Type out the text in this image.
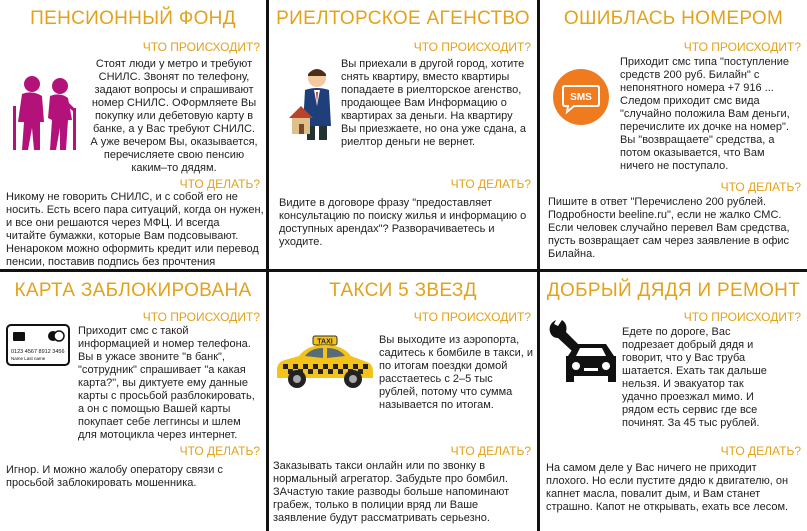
ПЕНСИОННЫЙ ФОНД
ЧТО ПРОИСХОДИТ?
Стоят люди у метро и требуют
СНИЛС. Звонят по телефону,
задают вопросы и спрашивают
номер СНИЛС. ОФормляете Вы
покупку или дебетовую карту в
банке, а у Вас требуют СНИЛС.
А уже вечером Вы, оказывается,
перечисляете свою пенсию
каким–то дядям.
ЧТО ДЕЛАТЬ?
Никому не говорить СНИЛС, и с собой его не
носить. Есть всего пара ситуаций, когда он нужен,
и все они решаются через МФЦ. И всегда
читайте бумажки, которые Вам подсовывают.
Ненароком можно оформить кредит или перевод
пенсии, поставив подпись без прочтения
РИЕЛТОРСКОЕ АГЕНСТВО
ЧТО ПРОИСХОДИТ?
Вы приехали в другой город, хотите
снять квартиру, вместо квартиры
попадаете в риелторское агенство,
продающее Вам Информацию о
квартирах за деньги. На квартиру
Вы приезжаете, но она уже сдана, а
риелтор деньги не вернет.
ЧТО ДЕЛАТЬ?
Видите в договоре фразу "предоставляет
консультацию по поиску жилья и информацию о
доступных арендах"? Разворачиваетесь и
уходите.
ОШИБЛАСЬ НОМЕРОМ
ЧТО ПРОИСХОДИТ?
SMS
Приходит смс типа "поступление
средств 200 руб. Билайн" с
непонятного номера +7 916 ...
Следом приходит смс вида
"случайно положила Вам деньги,
перечислите их дочке на номер".
Вы "возвращаете" средства, а
потом оказывается, что Вам
ничего не поступало.
ЧТО ДЕЛАТЬ?
Пишите в ответ "Перечислено 200 рублей.
Подробности beeline.ru", если не жалко СМС.
Если человек случайно перевел Вам средства,
пусть возвращает сам через заявление в офис
Билайна.
КАРТА ЗАБЛОКИРОВАНА
ЧТО ПРОИСХОДИТ?
0123 4567 8912 3456
Name Last name
Приходит смс с такой
информацией и номер телефона.
Вы в ужасе звоните "в банк",
"сотрудник" спрашивает "а какая
карта?", вы диктуете ему данные
карты с просьбой разблокировать,
а он с помощью Вашей карты
покупает себе леггинсы и шлем
для мотоцикла через интернет.
ЧТО ДЕЛАТЬ?
Игнор. И можно жалобу оператору связи с
просьбой заблокировать мошенника.
ТАКСИ 5 ЗВЕЗД
ЧТО ПРОИСХОДИТ?
TAXI	Вы выходите из аэропорта,
садитесь к бомбиле в такси, и
по итогам поездки домой
расстаетесь с 2–5 тыс
рублей, потому что сумма
называется по итогам.
ЧТО ДЕЛАТЬ?
Заказывать такси онлайн или по звонку в
нормальный агрегатор. Забудьте про бомбил.
ЗАчастую такие разводы больше напоминают
грабеж, только в полиции вряд ли Ваше
заявление будут рассматривать серьезно.
ДОБРЫЙ ДЯДЯ И РЕМОНТ
ЧТО ПРОИСХОДИТ?
Едете по дороге, Вас
подрезает добрый дядя и
говорит, что у Вас труба
шатается. Ехать так дальше
нельзя. И эвакуатор так
удачно проезжал мимо. И
рядом есть сервис где все
починят. За 45 тыс рублей.
ЧТО ДЕЛАТЬ?
На самом деле у Вас ничего не приходит
плохого. Но если пустите дядю к двигателю, он
капнет масла, повалит дым, и Вам станет
страшно. Капот не открывать, ехать все лесом.
